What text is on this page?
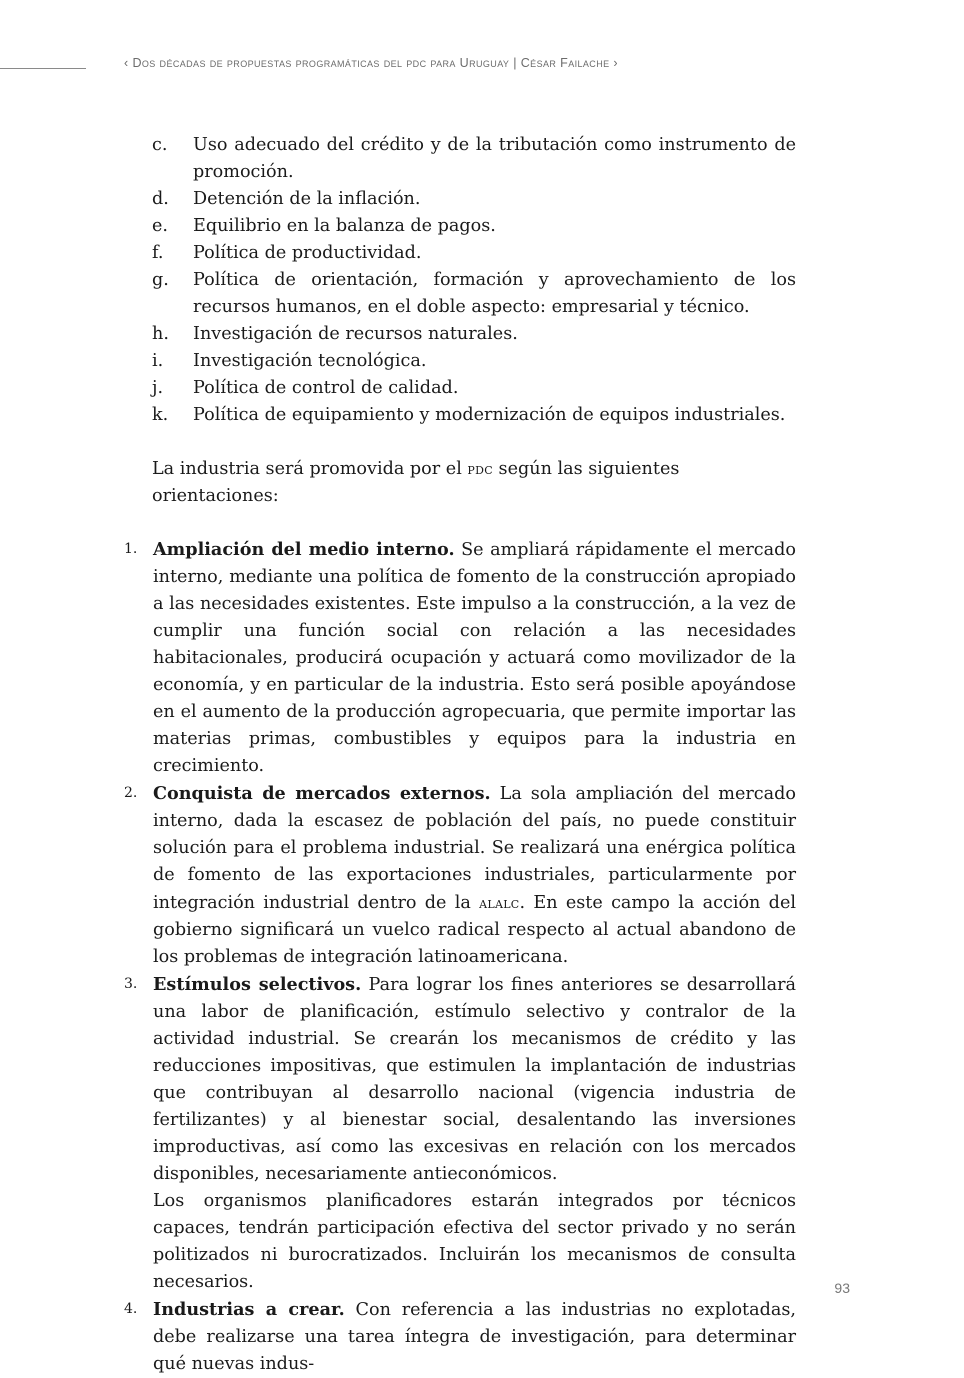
‹ Dos décadas de propuestas programáticas del pdc para Uruguay | César Failache ›
c.	Uso adecuado del crédito y de la tributación como instrumento de promoción.
d.	Detención de la inflación.
e.	Equilibrio en la balanza de pagos.
f.	Política de productividad.
g.	Política de orientación, formación y aprovechamiento de los recursos humanos, en el doble aspecto: empresarial y técnico.
h.	Investigación de recursos naturales.
i.	Investigación tecnológica.
j.	Política de control de calidad.
k.	Política de equipamiento y modernización de equipos industriales.

La industria será promovida por el pdc según las siguientes orientaciones:

1. Ampliación del medio interno. Se ampliará rápidamente el mercado interno, mediante una política de fomento de la construcción apropiado a las necesidades existentes. Este impulso a la construcción, a la vez de cumplir una función social con relación a las necesidades habitacionales, producirá ocupación y actuará como movilizador de la economía, y en particular de la industria. Esto será posible apoyándose en el aumento de la producción agropecuaria, que permite importar las materias primas, combustibles y equipos para la industria en crecimiento.

2. Conquista de mercados externos. La sola ampliación del mercado interno, dada la escasez de población del país, no puede constituir solución para el problema industrial. Se realizará una enérgica política de fomento de las exportaciones industriales, particularmente por integración industrial dentro de la alalc. En este campo la acción del gobierno significará un vuelco radical respecto al actual abandono de los problemas de integración latinoamericana.

3. Estímulos selectivos. Para lograr los fines anteriores se desarrollará una labor de planificación, estímulo selectivo y contralor de la actividad industrial. Se crearán los mecanismos de crédito y las reducciones impositivas, que estimulen la implantación de industrias que contribuyan al desarrollo nacional (vigencia industria de fertilizantes) y al bienestar social, desalentando las inversiones improductivas, así como las excesivas en relación con los mercados disponibles, necesariamente antieconómicos.

Los organismos planificadores estarán integrados por técnicos capaces, tendrán participación efectiva del sector privado y no serán politizados ni burocratizados. Incluirán los mecanismos de consulta necesarios.

4. Industrias a crear. Con referencia a las industrias no explotadas, debe realizarse una tarea íntegra de investigación, para determinar qué nuevas indus-

93
